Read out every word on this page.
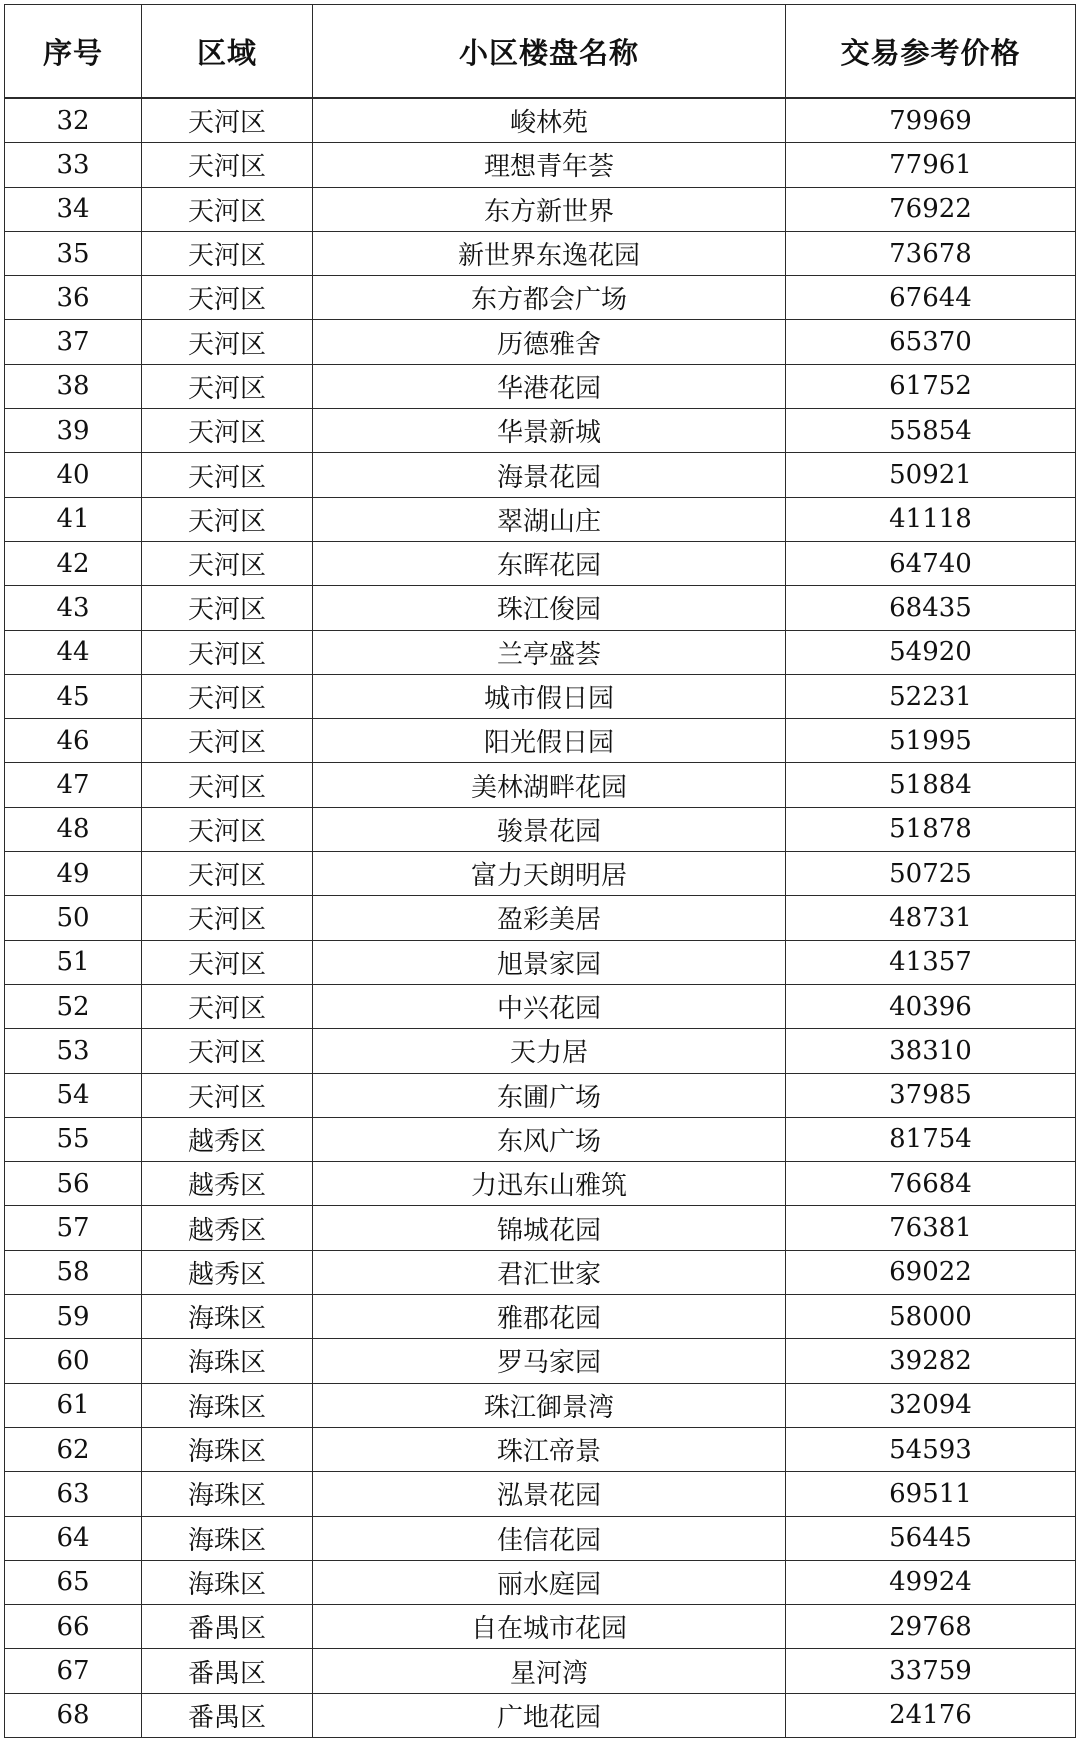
序号	区域	小区楼盘名称	交易参考价格
32	天河区	峻林苑	79969
33	天河区	理想青年荟	77961
34	天河区	东方新世界	76922
35	天河区	新世界东逸花园	73678
36	天河区	东方都会广场	67644
37	天河区	历德雅舍	65370
38	天河区	华港花园	61752
39	天河区	华景新城	55854
40	天河区	海景花园	50921
41	天河区	翠湖山庄	41118
42	天河区	东晖花园	64740
43	天河区	珠江俊园	68435
44	天河区	兰亭盛荟	54920
45	天河区	城市假日园	52231
46	天河区	阳光假日园	51995
47	天河区	美林湖畔花园	51884
48	天河区	骏景花园	51878
49	天河区	富力天朗明居	50725
50	天河区	盈彩美居	48731
51	天河区	旭景家园	41357
52	天河区	中兴花园	40396
53	天河区	天力居	38310
54	天河区	东圃广场	37985
55	越秀区	东风广场	81754
56	越秀区	力迅东山雅筑	76684
57	越秀区	锦城花园	76381
58	越秀区	君汇世家	69022
59	海珠区	雅郡花园	58000
60	海珠区	罗马家园	39282
61	海珠区	珠江御景湾	32094
62	海珠区	珠江帝景	54593
63	海珠区	泓景花园	69511
64	海珠区	佳信花园	56445
65	海珠区	丽水庭园	49924
66	番禺区	自在城市花园	29768
67	番禺区	星河湾	33759
68	番禺区	广地花园	24176
